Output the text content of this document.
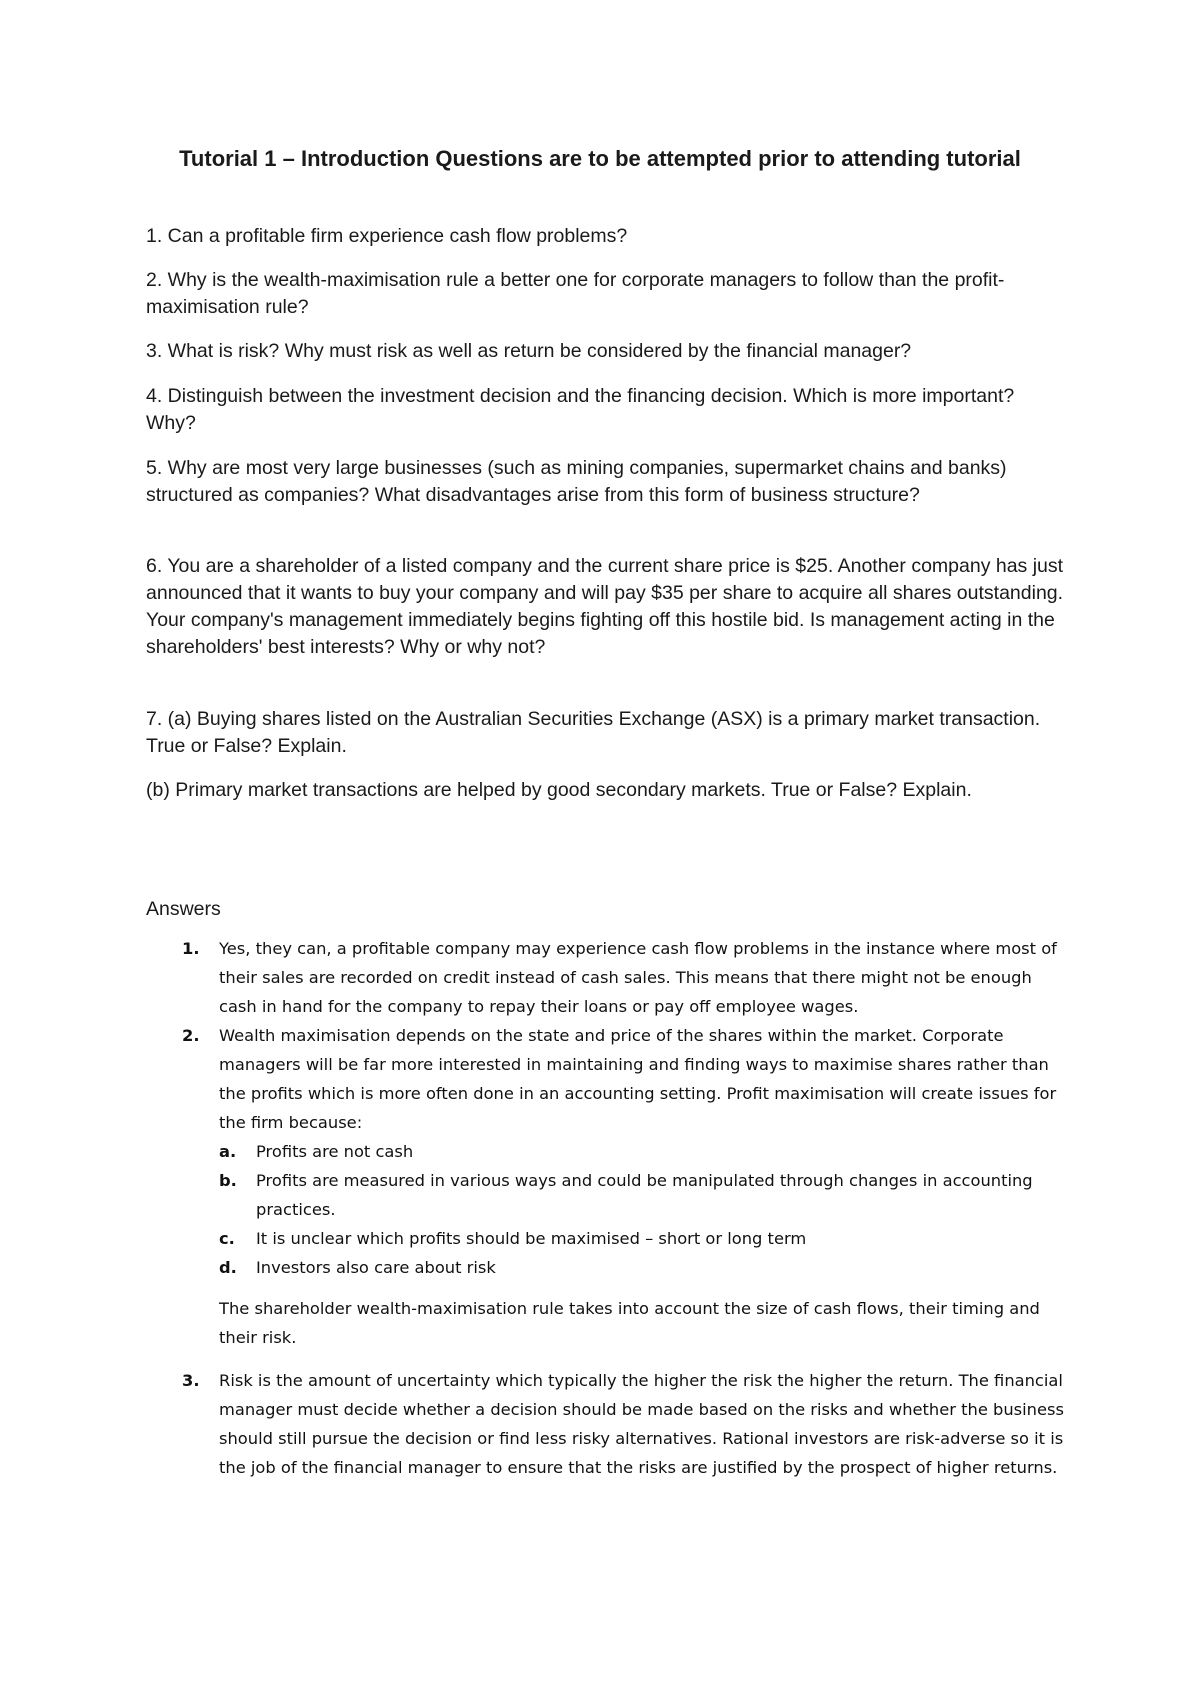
Tutorial 1 – Introduction Questions are to be attempted prior to attending tutorial
1. Can a profitable firm experience cash flow problems?
2. Why is the wealth-maximisation rule a better one for corporate managers to follow than the profit-maximisation rule?
3. What is risk? Why must risk as well as return be considered by the financial manager?
4. Distinguish between the investment decision and the financing decision. Which is more important? Why?
5. Why are most very large businesses (such as mining companies, supermarket chains and banks) structured as companies? What disadvantages arise from this form of business structure?
6. You are a shareholder of a listed company and the current share price is $25. Another company has just announced that it wants to buy your company and will pay $35 per share to acquire all shares outstanding. Your company's management immediately begins fighting off this hostile bid. Is management acting in the shareholders' best interests? Why or why not?
7. (a) Buying shares listed on the Australian Securities Exchange (ASX) is a primary market transaction. True or False? Explain.
(b) Primary market transactions are helped by good secondary markets. True or False? Explain.
Answers
1. Yes, they can, a profitable company may experience cash flow problems in the instance where most of their sales are recorded on credit instead of cash sales. This means that there might not be enough cash in hand for the company to repay their loans or pay off employee wages.
2. Wealth maximisation depends on the state and price of the shares within the market. Corporate managers will be far more interested in maintaining and finding ways to maximise shares rather than the profits which is more often done in an accounting setting. Profit maximisation will create issues for the firm because:
a. Profits are not cash
b. Profits are measured in various ways and could be manipulated through changes in accounting practices.
c. It is unclear which profits should be maximised – short or long term
d. Investors also care about risk
The shareholder wealth-maximisation rule takes into account the size of cash flows, their timing and their risk.
3. Risk is the amount of uncertainty which typically the higher the risk the higher the return. The financial manager must decide whether a decision should be made based on the risks and whether the business should still pursue the decision or find less risky alternatives. Rational investors are risk-adverse so it is the job of the financial manager to ensure that the risks are justified by the prospect of higher returns.
